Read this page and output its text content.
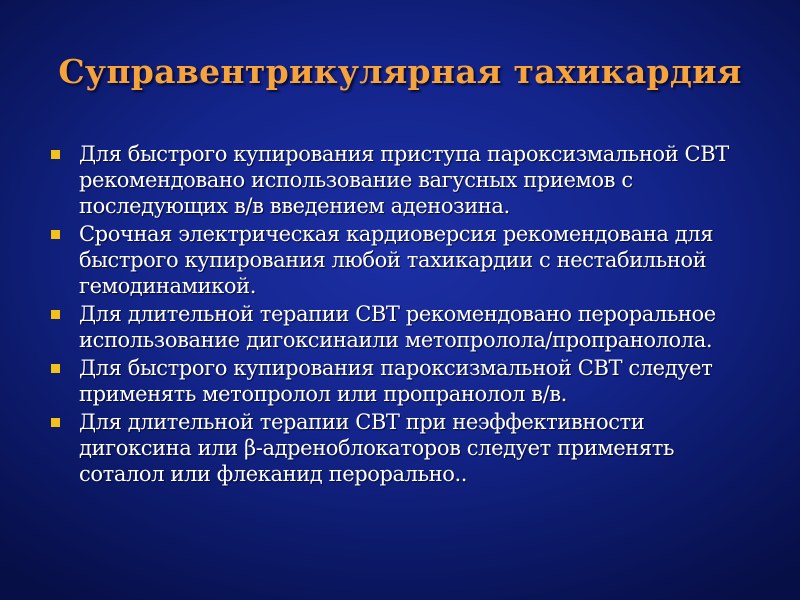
Суправентрикулярная тахикардия
Для быстрого купирования приступа пароксизмальной СВТ рекомендовано использование вагусных приемов с последующих в/в введением аденозина.
Срочная электрическая кардиоверсия рекомендована для быстрого купирования любой тахикардии с нестабильной гемодинамикой.
Для длительной терапии СВТ рекомендовано пероральное использование дигоксинаили метопролола/пропранолола.
Для быстрого купирования пароксизмальной СВТ следует применять метопролол или пропранолол в/в.
Для длительной терапии СВТ при неэффективности дигоксина или β-адреноблокаторов следует применять соталол или флеканид перорально..
